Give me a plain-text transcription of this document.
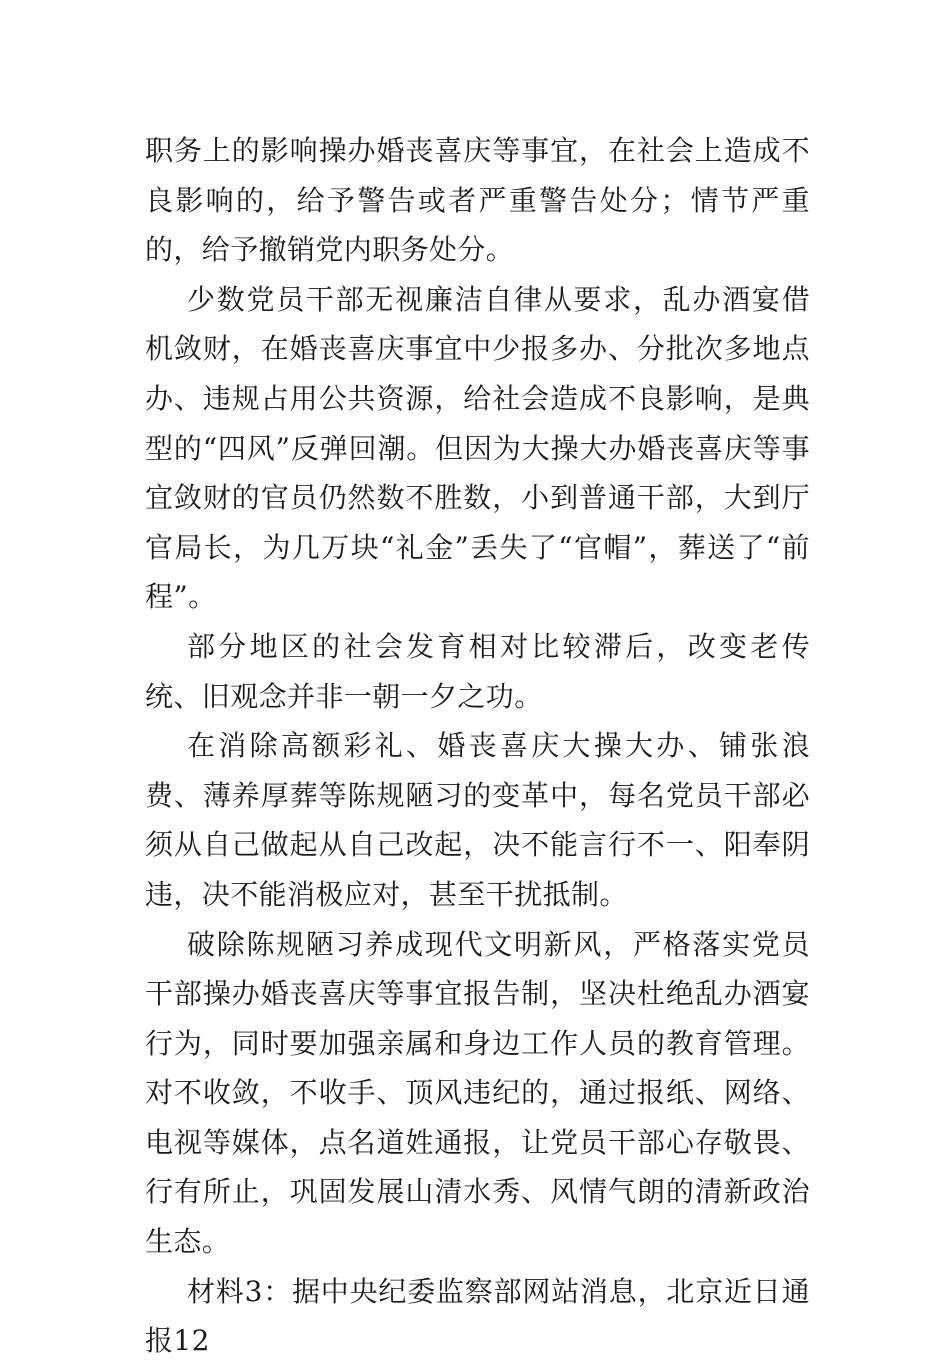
职务上的影响操办婚丧喜庆等事宜，在社会上造成不良影响的，给予警告或者严重警告处分；情节严重的，给予撤销党内职务处分。

少数党员干部无视廉洁自律从要求，乱办酒宴借机敛财，在婚丧喜庆事宜中少报多办、分批次多地点办、违规占用公共资源，给社会造成不良影响，是典型的“四风”反弹回潮。但因为大操大办婚丧喜庆等事宜敛财的官员仍然数不胜数，小到普通干部，大到厅官局长，为几万块“礼金”丢失了“官帽”，葬送了“前程”。

部分地区的社会发育相对比较滞后，改变老传统、旧观念并非一朝一夕之功。

在消除高额彩礼、婚丧喜庆大操大办、铺张浪费、薄养厚葬等陈规陋习的变革中，每名党员干部必须从自己做起从自己改起，决不能言行不一、阳奉阴违，决不能消极应对，甚至干扰抵制。

破除陈规陋习养成现代文明新风，严格落实党员干部操办婚丧喜庆等事宜报告制，坚决杜绝乱办酒宴行为，同时要加强亲属和身边工作人员的教育管理。对不收敛，不收手、顶风违纪的，通过报纸、网络、电视等媒体，点名道姓通报，让党员干部心存敬畏、行有所止，巩固发展山清水秀、风情气朗的清新政治生态。

材料3：据中央纪委监察部网站消息，北京近日通报12
